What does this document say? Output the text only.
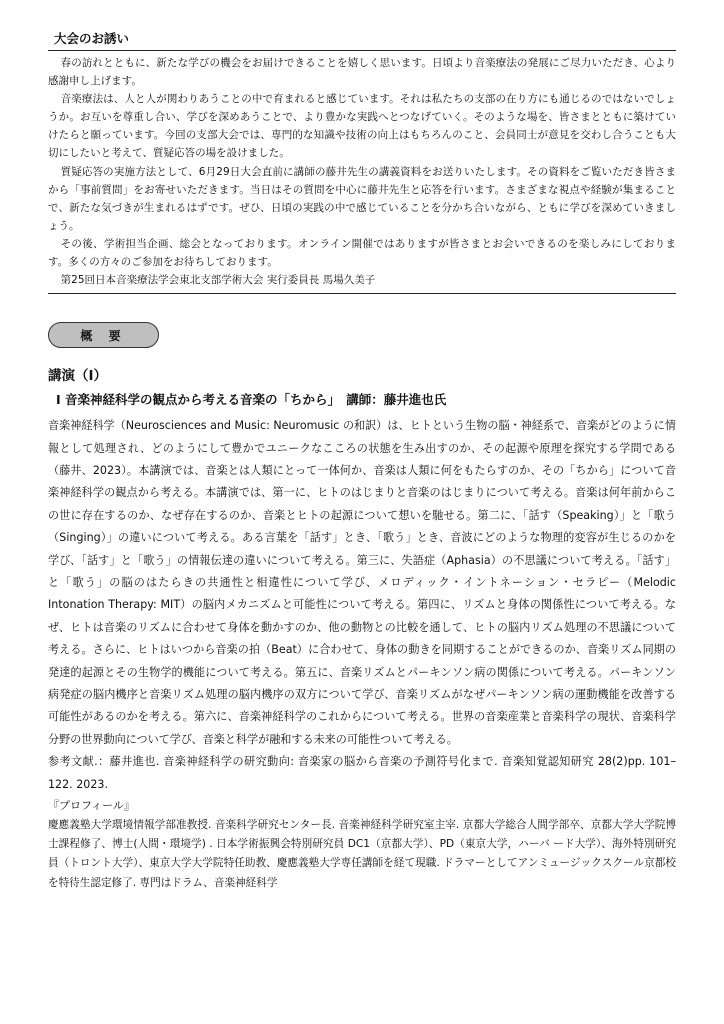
大会のお誘い

春の訪れとともに、新たな学びの機会をお届けできることを嬉しく思います。日頃より音楽療法の発展にご尽力いただき、心より感謝申し上げます。

音楽療法は、人と人が関わりあうことの中で育まれると感じています。それは私たちの支部の在り方にも通じるのではないでしょうか。お互いを尊重し合い、学びを深めあうことで、より豊かな実践へとつなげていく。そのような場を、皆さまとともに築けていけたらと願っています。今回の支部大会では、専門的な知識や技術の向上はもちろんのこと、会員同士が意見を交わし合うことも大切にしたいと考えて、質疑応答の場を設けました。

質疑応答の実施方法として、6月29日大会直前に講師の藤井先生の講義資料をお送りいたします。その資料をご覧いただき皆さまから「事前質問」をお寄せいただきます。当日はその質問を中心に藤井先生と応答を行います。さまざまな視点や経験が集まることで、新たな気づきが生まれるはずです。ぜひ、日頃の実践の中で感じていることを分かち合いながら、ともに学びを深めていきましょう。

その後、学術担当企画、総会となっております。オンライン開催ではありますが皆さまとお会いできるのを楽しみにしております。多くの方々のご参加をお待ちしております。

第25回日本音楽療法学会東北支部学術大会 実行委員長 馬場久美子

概 要
講演（Ⅰ）
Ⅰ 音楽神経科学の観点から考える音楽の「ちから」　講師：藤井進也氏

音楽神経科学（Neurosciences and Music: Neuromusic の和訳）は、ヒトという生物の脳・神経系で、音楽がどのように情報として処理され、どのようにして豊かでユニークなこころの状態を生み出すのか、その起源や原理を探究する学問である（藤井、2023）。本講演では、音楽とは人類にとって一体何か、音楽は人類に何をもたらすのか、その「ちから」について音楽神経科学の観点から考える。本講演では、第一に、ヒトのはじまりと音楽のはじまりについて考える。音楽は何年前からこの世に存在するのか、なぜ存在するのか、音楽とヒトの起源について想いを馳せる。第二に、「話す（Speaking）」と「歌う（Singing）」の違いについて考える。ある言葉を「話す」とき、「歌う」とき、音波にどのような物理的変容が生じるのかを学び、「話す」と「歌う」の情報伝達の違いについて考える。第三に、失語症（Aphasia）の不思議について考える。「話す」と「歌う」の脳のはたらきの共通性と相違性について学び、メロディック・イントネーション・セラピー（Melodic Intonation Therapy: MIT）の脳内メカニズムと可能性について考える。第四に、リズムと身体の関係性について考える。なぜ、ヒトは音楽のリズムに合わせて身体を動かすのか、他の動物との比較を通して、ヒトの脳内リズム処理の不思議について考える。さらに、ヒトはいつから音楽の拍（Beat）に合わせて、身体の動きを同期することができるのか、音楽リズム同期の発達的起源とその生物学的機能について考える。第五に、音楽リズムとパーキンソン病の関係について考える。パーキンソン病発症の脳内機序と音楽リズム処理の脳内機序の双方について学び、音楽リズムがなぜパーキンソン病の運動機能を改善する可能性があるのかを考える。第六に、音楽神経科学のこれからについて考える。世界の音楽産業と音楽科学の現状、音楽科学分野の世界動向について学び、音楽と科学が融和する未来の可能性ついて考える。

参考文献.：藤井進也. 音楽神経科学の研究動向: 音楽家の脳から音楽の予測符号化まで. 音楽知覚認知研究 28(2)pp. 101–122. 2023.

『プロフィール』

慶應義塾大学環境情報学部准教授. 音楽科学研究センター長. 音楽神経科学研究室主宰. 京都大学総合人間学部卒、京都大学大学院博 士課程修了、博士(人間・環境学) . 日本学術振興会特別研究員 DC1（京都大学）、PD（東京大学，ハーバ ード大学）、海外特別研究員（トロント大学）、東京大学大学院特任助教、慶應義塾大学専任講師を経て現職. ドラマーとしてアンミュージックスクール京都校を特待生認定修了. 専門はドラム、音楽神経科学
